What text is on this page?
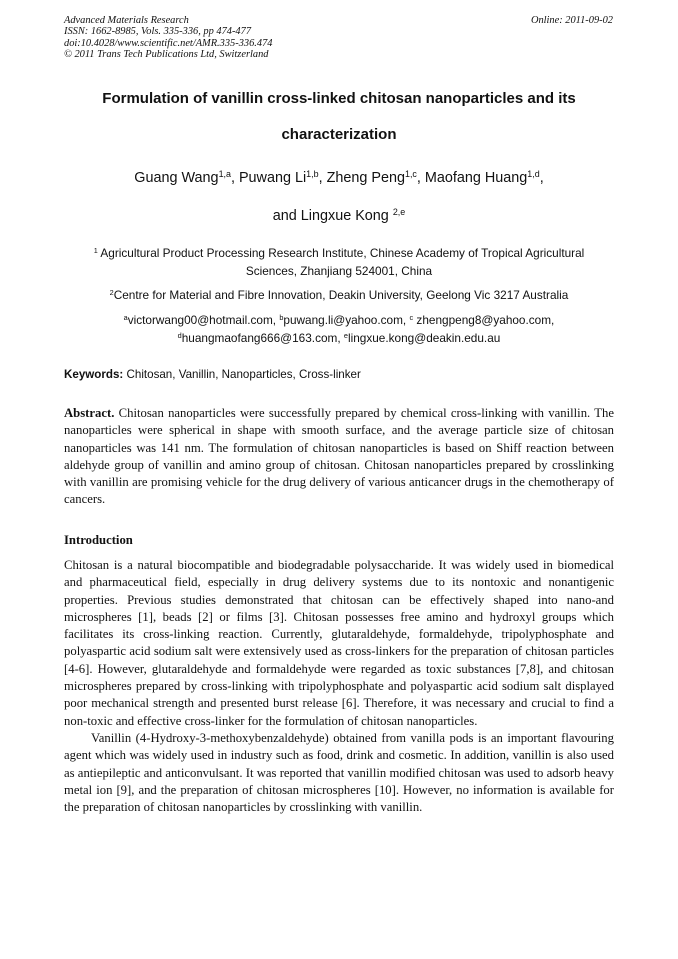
Advanced Materials Research
ISSN: 1662-8985, Vols. 335-336, pp 474-477
doi:10.4028/www.scientific.net/AMR.335-336.474
© 2011 Trans Tech Publications Ltd, Switzerland
Online: 2011-09-02
Formulation of vanillin cross-linked chitosan nanoparticles and its
characterization
Guang Wang$^{1,a}$, Puwang Li$^{1,b}$, Zheng Peng$^{1,c}$, Maofang Huang$^{1,d}$,
and Lingxue Kong $^{2,e}$
$^1$ Agricultural Product Processing Research Institute, Chinese Academy of Tropical Agricultural
Sciences, Zhanjiang 524001, China
$^2$Centre for Material and Fibre Innovation, Deakin University, Geelong Vic 3217 Australia
$^a$victorwang00@hotmail.com, $^b$puwang.li@yahoo.com, $^c$ zhengpeng8@yahoo.com,
$^d$huangmaofang666@163.com, $^e$lingxue.kong@deakin.edu.au
Keywords: Chitosan, Vanillin, Nanoparticles, Cross-linker

Abstract. Chitosan nanoparticles were successfully prepared by chemical cross-linking with vanillin. The nanoparticles were spherical in shape with smooth surface, and the average particle size of chitosan nanoparticles was 141 nm. The formulation of chitosan nanoparticles is based on Shiff reaction between aldehyde group of vanillin and amino group of chitosan. Chitosan nanoparticles prepared by crosslinking with vanillin are promising vehicle for the drug delivery of various anticancer drugs in the chemotherapy of cancers.

Introduction

Chitosan is a natural biocompatible and biodegradable polysaccharide. It was widely used in biomedical and pharmaceutical field, especially in drug delivery systems due to its nontoxic and nonantigenic properties. Previous studies demonstrated that chitosan can be effectively shaped into nano-and microspheres [1], beads [2] or films [3]. Chitosan possesses free amino and hydroxyl groups which facilitates its cross-linking reaction. Currently, glutaraldehyde, formaldehyde, tripolyphosphate and polyaspartic acid sodium salt were extensively used as cross-linkers for the preparation of chitosan particles [4-6]. However, glutaraldehyde and formaldehyde were regarded as toxic substances [7,8], and chitosan microspheres prepared by cross-linking with tripolyphosphate and polyaspartic acid sodium salt displayed poor mechanical strength and presented burst release [6]. Therefore, it was necessary and crucial to find a non-toxic and effective cross-linker for the formulation of chitosan nanoparticles.

Vanillin (4-Hydroxy-3-methoxybenzaldehyde) obtained from vanilla pods is an important flavouring agent which was widely used in industry such as food, drink and cosmetic. In addition, vanillin is also used as antiepileptic and anticonvulsant. It was reported that vanillin modified chitosan was used to adsorb heavy metal ion [9], and the preparation of chitosan microspheres [10]. However, no information is available for the preparation of chitosan nanoparticles by crosslinking with vanillin.
